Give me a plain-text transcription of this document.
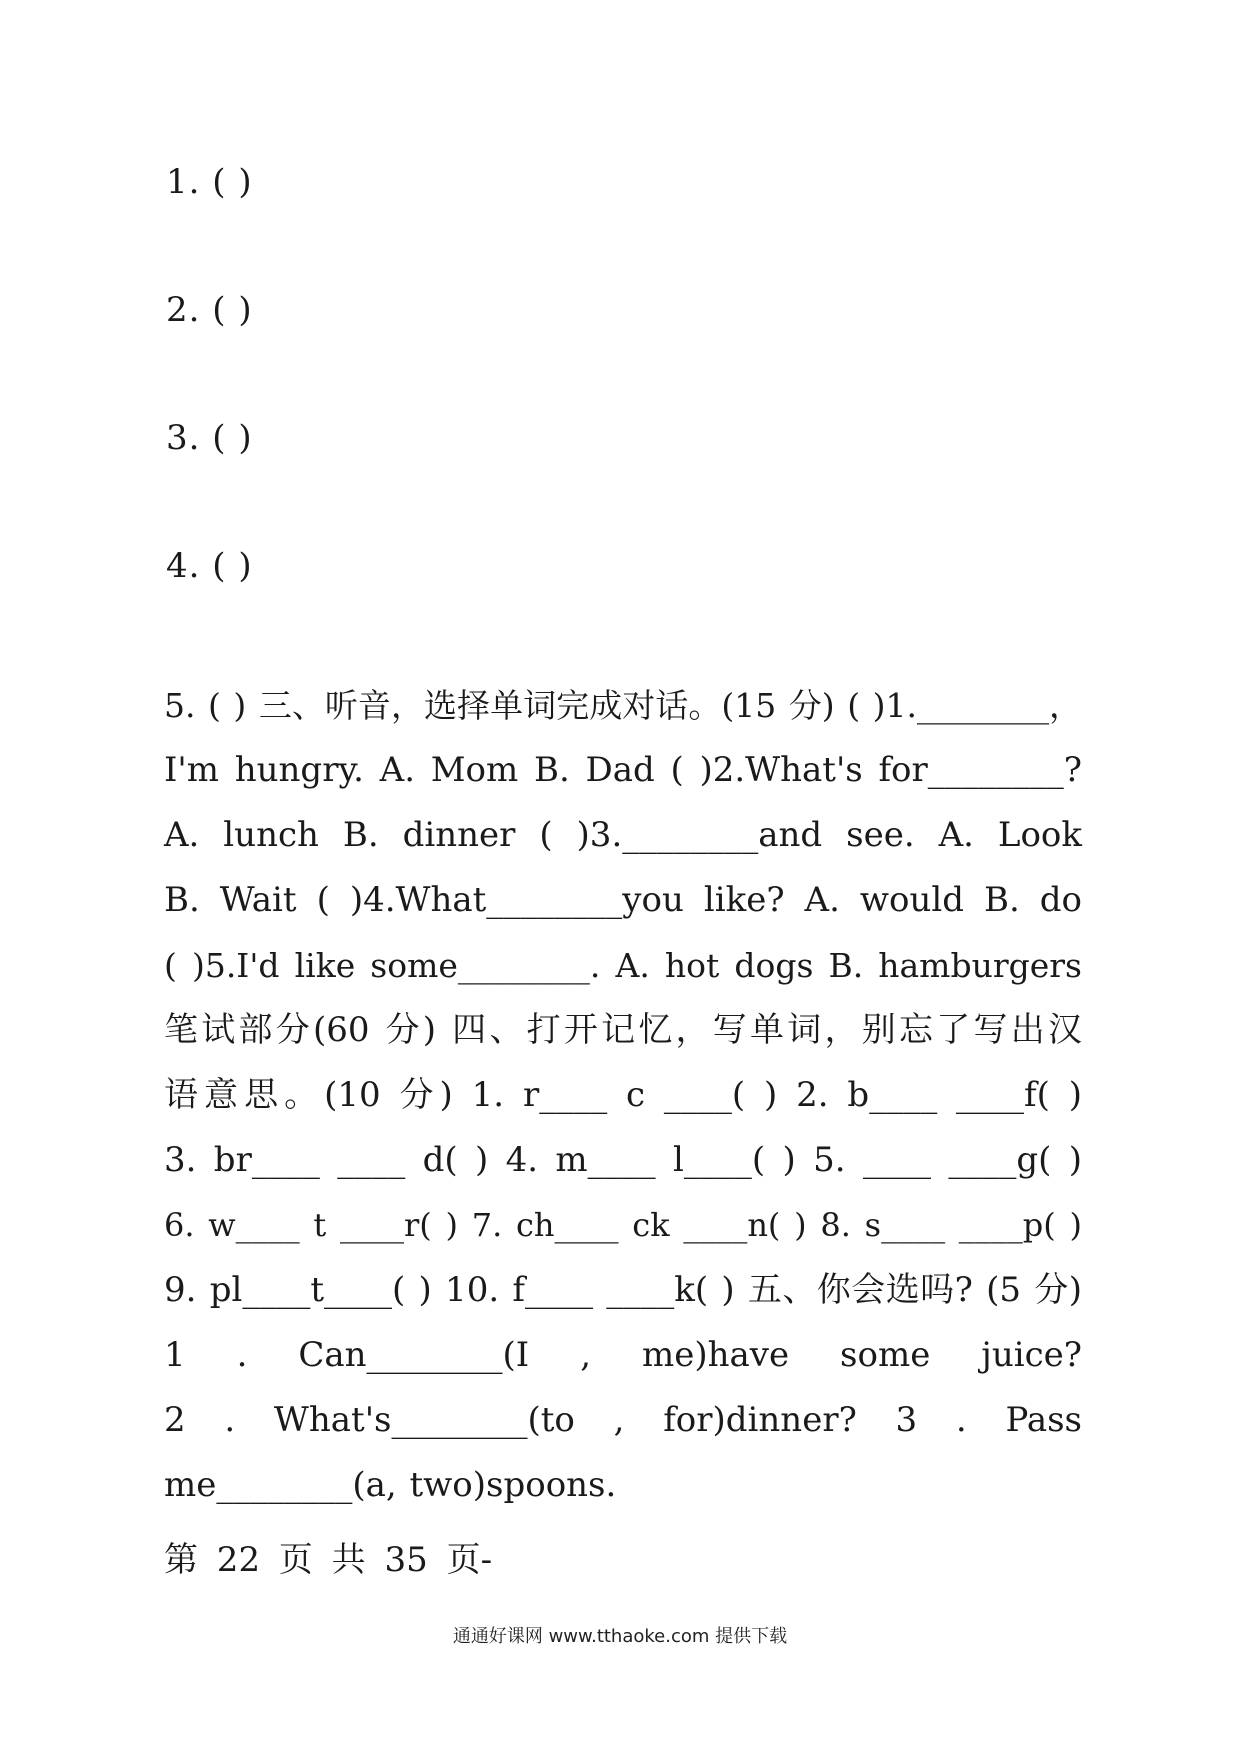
1. ( )
2. ( )
3. ( )
4. ( )
5. ( ) 三、听音，选择单词完成对话。(15 分) ( )1.________，
I'm hungry. A. Mom B. Dad ( )2.What's for________?
A. lunch B. dinner ( )3.________and see. A. Look
B. Wait ( )4.What________you like? A. would B. do
( )5.I'd like some________. A. hot dogs B. hamburgers
笔试部分(60 分) 四、打开记忆，写单词，别忘了写出汉
语意思。(10 分) 1. r____ c ____( ) 2. b____ ____f( )
3. br____ ____ d( ) 4. m____ l____( ) 5. ____ ____g( )
6. w____ t ____r( ) 7. ch____ ck ____n( ) 8. s____ ____p( )
9. pl____t____( ) 10. f____ ____k( ) 五、你会选吗? (5 分)
1 . Can________(I , me)have some juice?
2 . What's________(to , for)dinner? 3 . Pass
me________(a, two)spoons.
第 22 页 共 35 页-
通通好课网 www.tthaoke.com 提供下载
